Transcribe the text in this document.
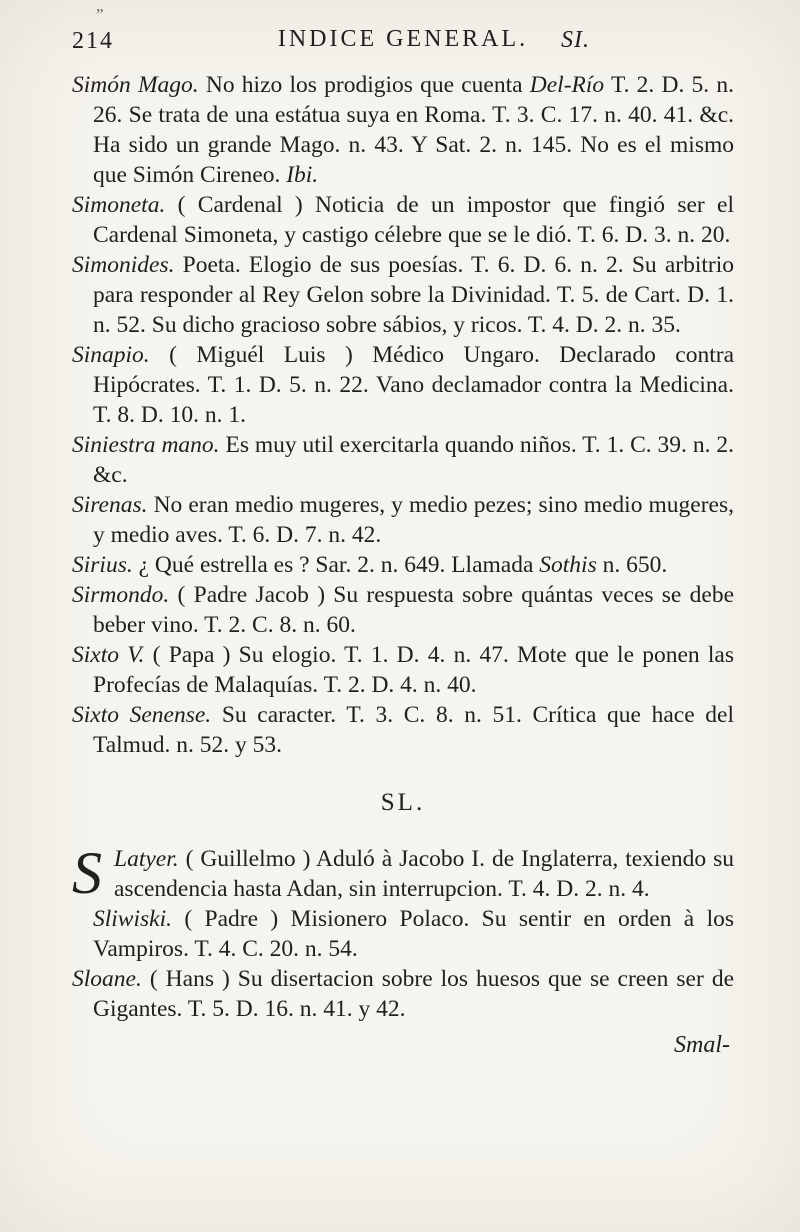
”
214	INDICE GENERAL.	SI.

Simón Mago. No hizo los prodigios que cuenta Del-Río T. 2. D. 5. n. 26. Se trata de una estátua suya en Roma. T. 3. C. 17. n. 40. 41. &c. Ha sido un grande Mago. n. 43. Y Sat. 2. n. 145. No es el mismo que Simón Cireneo. Ibi.

Simoneta. ( Cardenal ) Noticia de un impostor que fingió ser el Cardenal Simoneta, y castigo célebre que se le dió. T. 6. D. 3. n. 20.

Simonides. Poeta. Elogio de sus poesías. T. 6. D. 6. n. 2. Su arbitrio para responder al Rey Gelon sobre la Divinidad. T. 5. de Cart. D. 1. n. 52. Su dicho gracioso sobre sábios, y ricos. T. 4. D. 2. n. 35.

Sinapio. ( Miguél Luis ) Médico Ungaro. Declarado contra Hipócrates. T. 1. D. 5. n. 22. Vano declamador contra la Medicina. T. 8. D. 10. n. 1.

Siniestra mano. Es muy util exercitarla quando niños. T. 1. C. 39. n. 2. &c.

Sirenas. No eran medio mugeres, y medio pezes; sino medio mugeres, y medio aves. T. 6. D. 7. n. 42.

Sirius. ¿ Qué estrella es ? Sar. 2. n. 649. Llamada Sothis n. 650.

Sirmondo. ( Padre Jacob ) Su respuesta sobre quántas veces se debe beber vino. T. 2. C. 8. n. 60.

Sixto V. ( Papa ) Su elogio. T. 1. D. 4. n. 47. Mote que le ponen las Profecías de Malaquías. T. 2. D. 4. n. 40.

Sixto Senense. Su caracter. T. 3. C. 8. n. 51. Crítica que hace del Talmud. n. 52. y 53.

SL.

S Latyer. ( Guillelmo ) Aduló à Jacobo I. de Inglaterra, texiendo su ascendencia hasta Adan, sin interrupcion. T. 4. D. 2. n. 4.

Sliwiski. ( Padre ) Misionero Polaco. Su sentir en orden à los Vampiros. T. 4. C. 20. n. 54.

Sloane. ( Hans ) Su disertacion sobre los huesos que se creen ser de Gigantes. T. 5. D. 16. n. 41. y 42.

Smal-
